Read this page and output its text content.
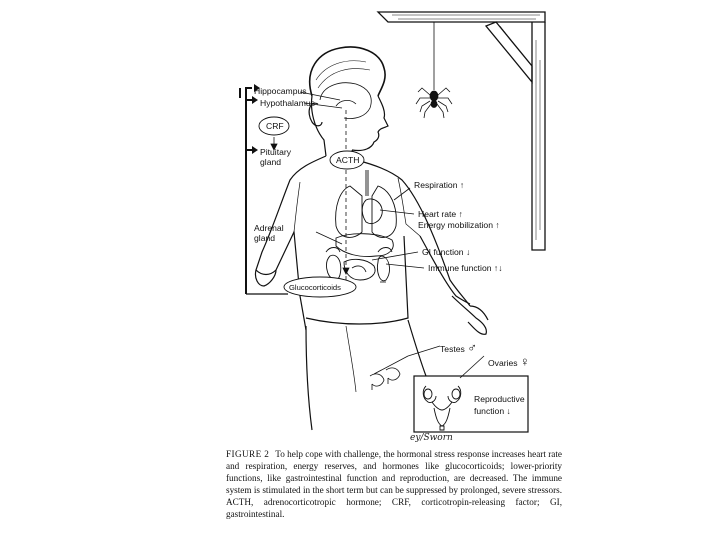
Hippocampus
Hypothalamus
CRF
Pituitary
gland	ACTH
Adrenal
gland
Glucocorticoids
Respiration ↑
Heart rate ↑
Energy mobilization ↑
GI function ↓
Immune function ↑↓
Testes ♂
Ovaries ♀
Reproductive
function ↓
ey/Sworn
FIGURE 2 To help cope with challenge, the hormonal stress response increases heart rate and respiration, energy reserves, and hormones like glucocorticoids; lower-priority functions, like gastrointestinal function and reproduction, are decreased. The immune system is stimulated in the short term but can be suppressed by prolonged, severe stressors. ACTH, adrenocorticotropic hormone; CRF, corticotropin-releasing factor; GI, gastrointestinal.
